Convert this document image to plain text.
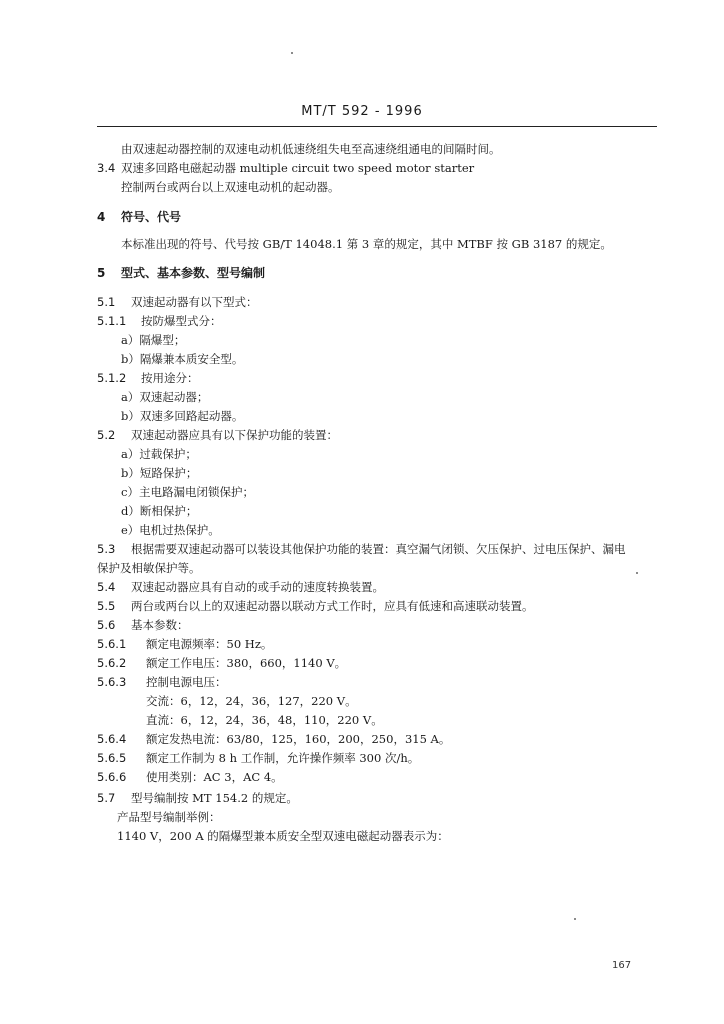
MT/T 592 - 1996
由双速起动器控制的双速电动机低速绕组失电至高速绕组通电的间隔时间。
3.4 双速多回路电磁起动器 multiple circuit two speed motor starter
控制两台或两台以上双速电动机的起动器。
4 符号、代号
本标准出现的符号、代号按 GB/T 14048.1 第 3 章的规定，其中 MTBF 按 GB 3187 的规定。
5 型式、基本参数、型号编制
5.1 双速起动器有以下型式：
5.1.1 按防爆型式分：
a）隔爆型；
b）隔爆兼本质安全型。
5.1.2 按用途分：
a）双速起动器；
b）双速多回路起动器。
5.2 双速起动器应具有以下保护功能的装置：
a）过载保护；
b）短路保护；
c）主电路漏电闭锁保护；
d）断相保护；
e）电机过热保护。
5.3 根据需要双速起动器可以装设其他保护功能的装置：真空漏气闭锁、欠压保护、过电压保护、漏电
保护及相敏保护等。
5.4 双速起动器应具有自动的或手动的速度转换装置。
5.5 两台或两台以上的双速起动器以联动方式工作时，应具有低速和高速联动装置。
5.6 基本参数：
5.6.1 额定电源频率：50 Hz。
5.6.2 额定工作电压：380，660，1140 V。
5.6.3 控制电源电压：
交流：6，12，24，36，127，220 V。
直流：6，12，24，36，48，110，220 V。
5.6.4 额定发热电流：63/80，125，160，200，250，315 A。
5.6.5 额定工作制为 8 h 工作制，允许操作频率 300 次/h。
5.6.6 使用类别：AC 3，AC 4。
5.7 型号编制按 MT 154.2 的规定。
产品型号编制举例：
1140 V，200 A 的隔爆型兼本质安全型双速电磁起动器表示为：
167
